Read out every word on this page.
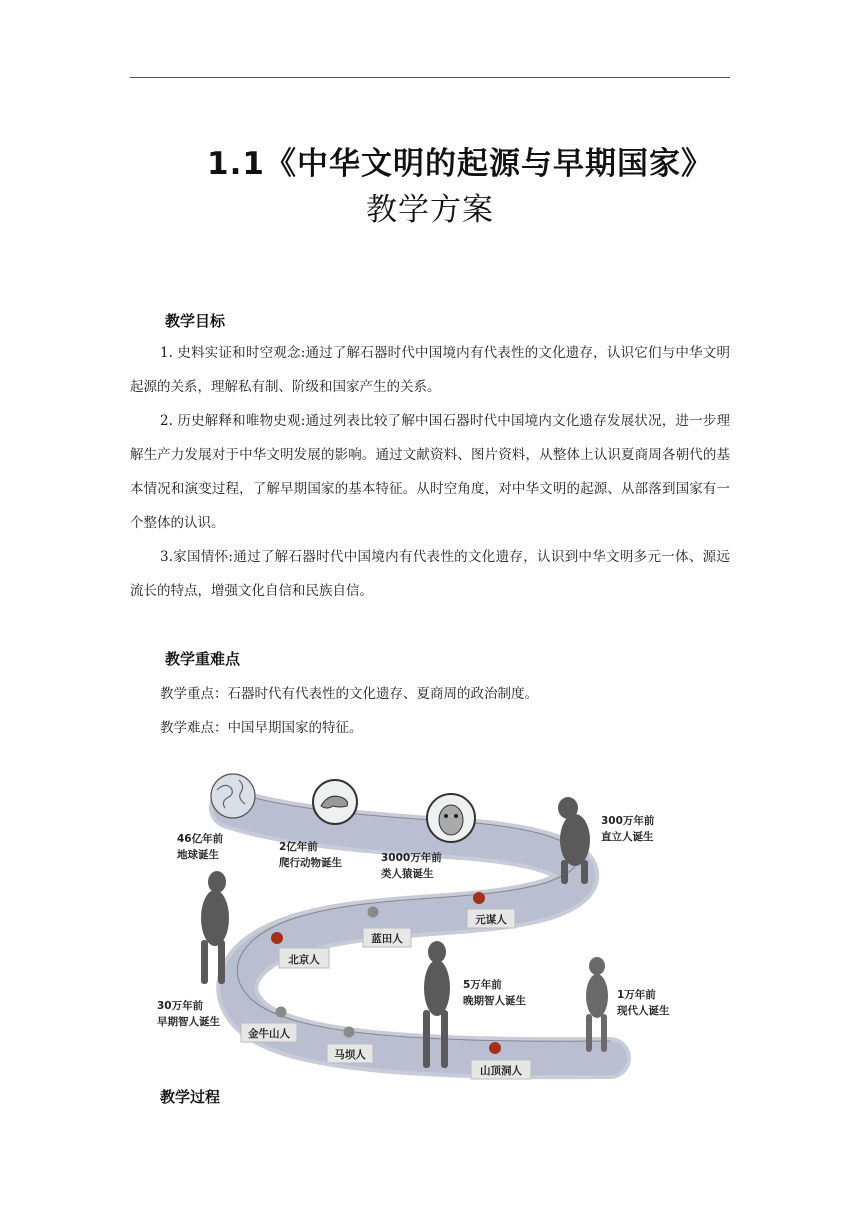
1.1《中华文明的起源与早期国家》
教学方案
教学目标

1. 史料实证和时空观念:通过了解石器时代中国境内有代表性的文化遗存，认识它们与中华文明起源的关系，理解私有制、阶级和国家产生的关系。

2. 历史解释和唯物史观:通过列表比较了解中国石器时代中国境内文化遗存发展状况，进一步理解生产力发展对于中华文明发展的影响。通过文献资料、图片资料，从整体上认识夏商周各朝代的基本情况和演变过程，了解早期国家的基本特征。从时空角度，对中华文明的起源、从部落到国家有一个整体的认识。

3.家国情怀:通过了解石器时代中国境内有代表性的文化遗存，认识到中华文明多元一体、源远流长的特点，增强文化自信和民族自信。

教学重难点
教学重点：石器时代有代表性的文化遗存、夏商周的政治制度。
教学难点：中国早期国家的特征。
元谋人
蓝田人
北京人
金牛山人
马坝人
山顶洞人
46亿年前
地球诞生
2亿年前
爬行动物诞生	3000万年前
类人猿诞生
300万年前
直立人诞生
30万年前
早期智人诞生
5万年前
晚期智人诞生	1万年前
现代人诞生
教学过程
